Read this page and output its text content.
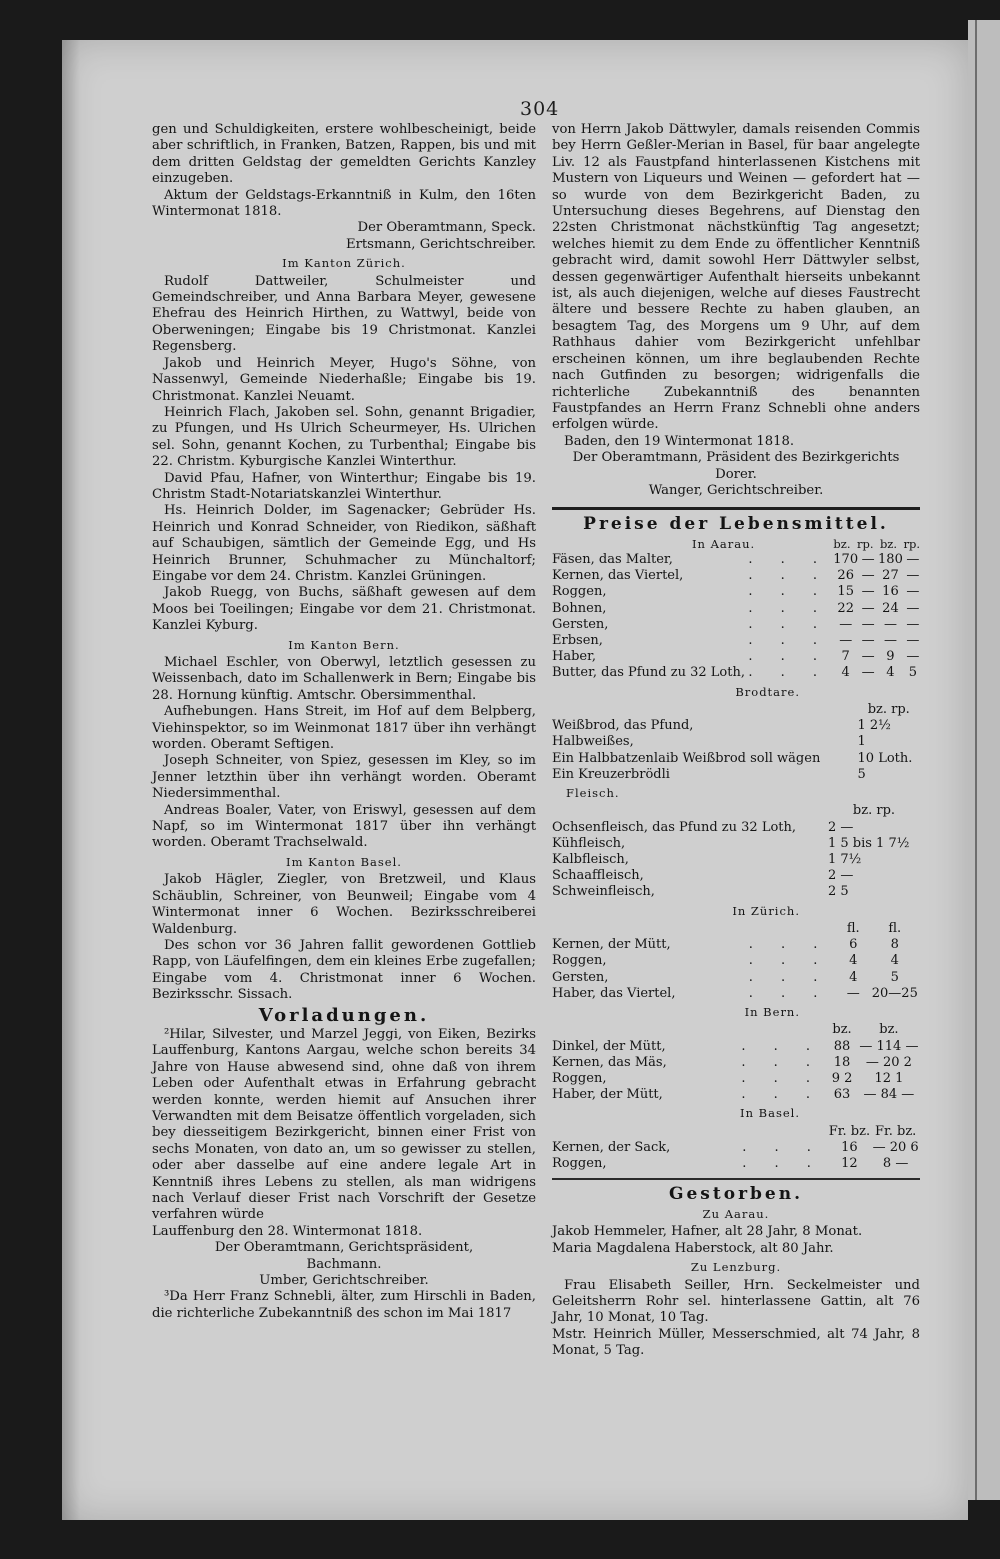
304

gen und Schuldigkeiten, erstere wohlbescheinigt, beide aber schriftlich, in Franken, Batzen, Rappen, bis und mit dem dritten Geldstag der gemeldten Gerichts Kanzley einzugeben.

Aktum der Geldstags-Erkanntniß in Kulm, den 16ten Wintermonat 1818.

Der Oberamtmann, Speck.

Ertsmann, Gerichtschreiber.

Im Kanton Zürich.

Rudolf Dattweiler, Schulmeister und Gemeindschreiber, und Anna Barbara Meyer, gewesene Ehefrau des Heinrich Hirthen, zu Wattwyl, beide von Oberweningen; Eingabe bis 19 Christmonat. Kanzlei Regensberg.

Jakob und Heinrich Meyer, Hugo's Söhne, von Nassenwyl, Gemeinde Niederhaßle; Eingabe bis 19. Christmonat. Kanzlei Neuamt.

Heinrich Flach, Jakoben sel. Sohn, genannt Brigadier, zu Pfungen, und Hs Ulrich Scheurmeyer, Hs. Ulrichen sel. Sohn, genannt Kochen, zu Turbenthal; Eingabe bis 22. Christm. Kyburgische Kanzlei Winterthur.

David Pfau, Hafner, von Winterthur; Eingabe bis 19. Christm Stadt-Notariatskanzlei Winterthur.

Hs. Heinrich Dolder, im Sagenacker; Gebrüder Hs. Heinrich und Konrad Schneider, von Riedikon, säßhaft auf Schaubigen, sämtlich der Gemeinde Egg, und Hs Heinrich Brunner, Schuhmacher zu Münchaltorf; Eingabe vor dem 24. Christm. Kanzlei Grüningen.

Jakob Ruegg, von Buchs, säßhaft gewesen auf dem Moos bei Toeilingen; Eingabe vor dem 21. Christmonat. Kanzlei Kyburg.

Im Kanton Bern.

Michael Eschler, von Oberwyl, letztlich gesessen zu Weissenbach, dato im Schallenwerk in Bern; Eingabe bis 28. Hornung künftig. Amtschr. Obersimmenthal.

Aufhebungen. Hans Streit, im Hof auf dem Belpberg, Viehinspektor, so im Weinmonat 1817 über ihn verhängt worden. Oberamt Seftigen.

Joseph Schneiter, von Spiez, gesessen im Kley, so im Jenner letzthin über ihn verhängt worden. Oberamt Niedersimmenthal.

Andreas Boaler, Vater, von Eriswyl, gesessen auf dem Napf, so im Wintermonat 1817 über ihn verhängt worden. Oberamt Trachselwald.

Im Kanton Basel.

Jakob Hägler, Ziegler, von Bretzweil, und Klaus Schäublin, Schreiner, von Beunweil; Eingabe vom 4 Wintermonat inner 6 Wochen. Bezirksschreiberei Waldenburg.

Des schon vor 36 Jahren fallit gewordenen Gottlieb Rapp, von Läufelfingen, dem ein kleines Erbe zugefallen; Eingabe vom 4. Christmonat inner 6 Wochen. Bezirksschr. Sissach.

Vorladungen.

²Hilar, Silvester, und Marzel Jeggi, von Eiken, Bezirks Lauffenburg, Kantons Aargau, welche schon bereits 34 Jahre von Hause abwesend sind, ohne daß von ihrem Leben oder Aufenthalt etwas in Erfahrung gebracht werden konnte, werden hiemit auf Ansuchen ihrer Verwandten mit dem Beisatze öffentlich vorgeladen, sich bey diesseitigem Bezirkgericht, binnen einer Frist von sechs Monaten, von dato an, um so gewisser zu stellen, oder aber dasselbe auf eine andere legale Art in Kenntniß ihres Lebens zu stellen, als man widrigens nach Verlauf dieser Frist nach Vorschrift der Gesetze verfahren würde

Lauffenburg den 28. Wintermonat 1818.

Der Oberamtmann, Gerichtspräsident,

Bachmann.

Umber, Gerichtschreiber.

³Da Herr Franz Schnebli, älter, zum Hirschli in Baden, die richterliche Zubekanntniß des schon im Mai 1817

von Herrn Jakob Dättwyler, damals reisenden Commis bey Herrn Geßler-Merian in Basel, für baar angelegte Liv. 12 als Faustpfand hinterlassenen Kistchens mit Mustern von Liqueurs und Weinen — gefordert hat — so wurde von dem Bezirkgericht Baden, zu Untersuchung dieses Begehrens, auf Dienstag den 22sten Christmonat nächstkünftig Tag angesetzt; welches hiemit zu dem Ende zu öffentlicher Kenntniß gebracht wird, damit sowohl Herr Dättwyler selbst, dessen gegenwärtiger Aufenthalt hierseits unbekannt ist, als auch diejenigen, welche auf dieses Faustrecht ältere und bessere Rechte zu haben glauben, an besagtem Tag, des Morgens um 9 Uhr, auf dem Rathhaus dahier vom Bezirkgericht unfehlbar erscheinen können, um ihre beglaubenden Rechte nach Gutfinden zu besorgen; widrigenfalls die richterliche Zubekanntniß des benannten Faustpfandes an Herrn Franz Schnebli ohne anders erfolgen würde.

Baden, den 19 Wintermonat 1818.

Der Oberamtmann, Präsident des Bezirkgerichts

Dorer.

Wanger, Gerichtschreiber.

Preise der Lebensmittel.

In Aarau.	bz.	rp.	bz.	rp.
Fäsen, das Malter,	. . .	170	—	180	—
Kernen, das Viertel,	. . .	26	—	27	—
Roggen,	. . .	15	—	16	—
Bohnen,	. . .	22	—	24	—
Gersten,	. . .	—	—	—	—
Erbsen,	. . .	—	—	—	—
Haber,	. . .	7	—	9	—
Butter, das Pfund zu 32 Loth,	. . .	4	—	4	5

Brodtare.

	bz. rp.
Weißbrod, das Pfund,	1 2½
Halbweißes,	1
Ein Halbbatzenlaib Weißbrod soll wägen	10 Loth.
Ein Kreuzerbrödli	5

Fleisch.

	bz. rp.
Ochsenfleisch, das Pfund zu 32 Loth,	2 —
Kühfleisch,	1 5 bis 1 7½
Kalbfleisch,	1 7½
Schaaffleisch,	2 —
Schweinfleisch,	2 5

In Zürich.

		fl.	fl.
Kernen, der Mütt,	. . .	6	8
Roggen,	. . .	4	4
Gersten,	. . .	4	5
Haber, das Viertel,	. . .	—	20—25

In Bern.

		bz.	bz.
Dinkel, der Mütt,	. . .	88	— 114 —
Kernen, das Mäs,	. . .	18	— 20 2
Roggen,	. . .	9 2	12 1
Haber, der Mütt,	. . .	63	— 84 —

In Basel.

		Fr. bz.	Fr. bz.
Kernen, der Sack,	. . .	16	— 20 6
Roggen,	. . .	12	8 —

Gestorben.

Zu Aarau.

Jakob Hemmeler, Hafner, alt 28 Jahr, 8 Monat.

Maria Magdalena Haberstock, alt 80 Jahr.

Zu Lenzburg.

Frau Elisabeth Seiller, Hrn. Seckelmeister und Geleitsherrn Rohr sel. hinterlassene Gattin, alt 76 Jahr, 10 Monat, 10 Tag.

Mstr. Heinrich Müller, Messerschmied, alt 74 Jahr, 8 Monat, 5 Tag.
